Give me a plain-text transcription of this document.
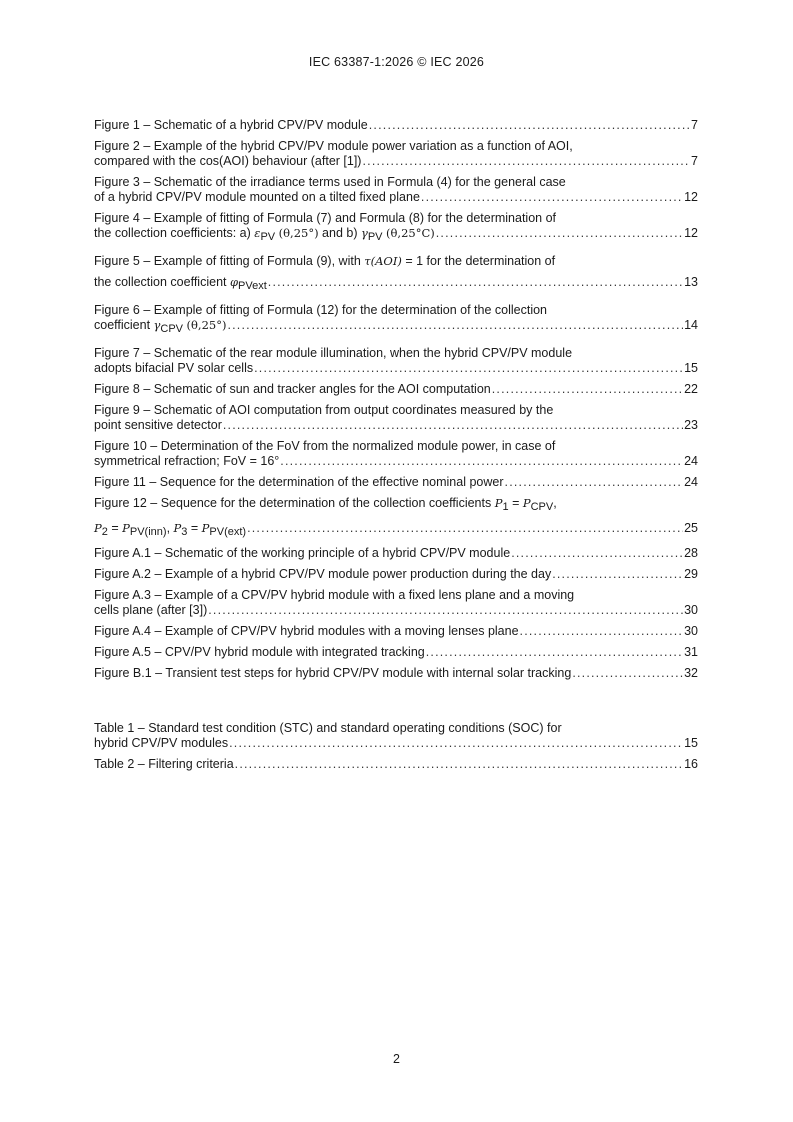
IEC 63387-1:2026 © IEC 2026
Figure 1 – Schematic of a hybrid CPV/PV module .....	7
Figure 2 – Example of the hybrid CPV/PV module power variation as a function of AOI,
compared with the cos(AOI) behaviour (after [1]) .....	7
Figure 3 – Schematic of the irradiance terms used in Formula (4) for the general case
of a hybrid CPV/PV module mounted on a tilted fixed plane .....	12
Figure 4 – Example of fitting of Formula (7) and Formula (8) for the determination of
the collection coefficients: a) εPV (θ,25°) and b) γPV (θ,25°C) .....	12
Figure 5 – Example of fitting of Formula (9), with τ(AOI) = 1 for the determination of
the collection coefficient φPVext .....	13
Figure 6 – Example of fitting of Formula (12) for the determination of the collection
coefficient γCPV (θ,25°) .....	14
Figure 7 – Schematic of the rear module illumination, when the hybrid CPV/PV module
adopts bifacial PV solar cells .....	15
Figure 8 – Schematic of sun and tracker angles for the AOI computation .....	22
Figure 9 – Schematic of AOI computation from output coordinates measured by the
point sensitive detector .....	23
Figure 10 – Determination of the FoV from the normalized module power, in case of
symmetrical refraction; FoV = 16° .....	24
Figure 11 – Sequence for the determination of the effective nominal power .....	24
Figure 12 – Sequence for the determination of the collection coefficients P1 = PCPV,
P2 = PPV(inn), P3 = PPV(ext) .....	25
Figure A.1 – Schematic of the working principle of a hybrid CPV/PV module .....	28
Figure A.2 – Example of a hybrid CPV/PV module power production during the day .....	29
Figure A.3 – Example of a CPV/PV hybrid module with a fixed lens plane and a moving
cells plane (after [3]) .....	30
Figure A.4 – Example of CPV/PV hybrid modules with a moving lenses plane .....	30
Figure A.5 – CPV/PV hybrid module with integrated tracking .....	31
Figure B.1 – Transient test steps for hybrid CPV/PV module with internal solar tracking .....	32
Table 1 – Standard test condition (STC) and standard operating conditions (SOC) for
hybrid CPV/PV modules .....	15
Table 2 – Filtering criteria .....	16
2
